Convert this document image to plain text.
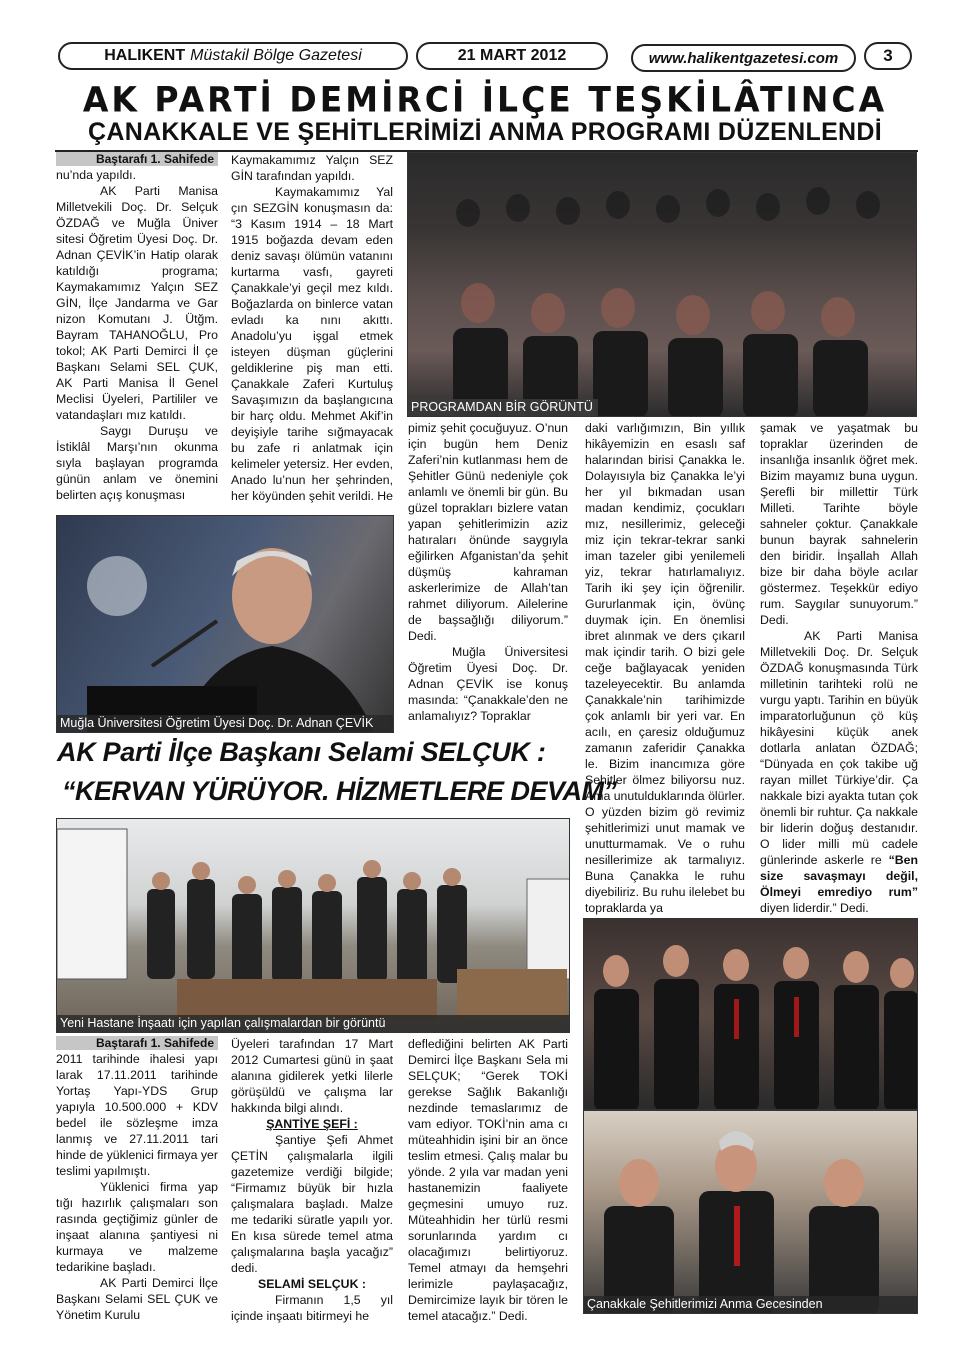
HALIKENT Müstakil Bölge Gazetesi	21 MART 2012	www.halikentgazetesi.com	3
AK PARTİ DEMİRCİ İLÇE TEŞKİLÂTINCA
ÇANAKKALE VE ŞEHİTLERİMİZİ ANMA PROGRAMI DÜZENLENDİ
Baştarafı 1. Sahifede

nu’nda yapıldı.

AK Parti Manisa Milletvekili Doç. Dr. Selçuk ÖZDAĞ ve Muğla Üniver sitesi Öğretim Üyesi Doç. Dr. Adnan ÇEVİK’in Hatip olarak katıldığı programa; Kaymakamımız Yalçın SEZ GİN, İlçe Jandarma ve Gar nizon Komutanı J. Ütğm. Bayram TAHANOĞLU, Pro tokol; AK Parti Demirci İl çe Başkanı Selami SEL ÇUK, AK Parti Manisa İl Genel Meclisi Üyeleri, Partililer ve vatandaşları mız katıldı.

Saygı Duruşu ve İstiklâl Marşı’nın okunma sıyla başlayan programda günün anlam ve önemini belirten açış konuşması

Kaymakamımız Yalçın SEZ GİN tarafından yapıldı.

Kaymakamımız Yal çın SEZGİN konuşmasın da: “3 Kasım 1914 – 18 Mart 1915 boğazda devam eden deniz savaşı ölümün vatanını kurtarma vasfı, gayreti Çanakkale’yi geçil mez kıldı. Boğazlarda on binlerce vatan evladı ka nını akıttı. Anadolu’yu işgal etmek isteyen düşman güçlerini geldiklerine piş man etti. Çanakkale Zaferi Kurtuluş Savaşımızın da başlangıcına bir harç oldu. Mehmet Akif’in deyişiyle tarihe sığmayacak bu zafe ri anlatmak için kelimeler yetersiz. Her evden, Anado lu’nun her şehrinden, her köyünden şehit verildi. He

PROGRAMDAN BİR GÖRÜNTÜ
Muğla Üniversitesi Öğretim Üyesi Doç. Dr. Adnan ÇEVİK

pimiz şehit çocuğuyuz. O’nun için bugün hem Deniz Zaferi’nin kutlanması hem de Şehitler Günü nedeniyle çok anlamlı ve önemli bir gün. Bu güzel toprakları bizlere vatan yapan şehitlerimizin aziz hatıraları önünde saygıyla eğilirken Afganistan’da şehit düşmüş kahraman askerlerimize de Allah’tan rahmet diliyorum. Ailelerine de başsağlığı diliyorum.” Dedi.

Muğla Üniversitesi Öğretim Üyesi Doç. Dr. Adnan ÇEVİK ise konuş masında: “Çanakkale’den ne anlamalıyız? Topraklar

daki varlığımızın, Bin yıllık hikâyemizin en esaslı saf halarından birisi Çanakka le. Dolayısıyla biz Çanakka le’yi her yıl bıkmadan usan madan kendimiz, çocukları mız, nesillerimiz, geleceği miz için tekrar-tekrar sanki iman tazeler gibi yenilemeli yiz, tekrar hatırlamalıyız. Tarih iki şey için öğrenilir. Gururlanmak için, övünç duymak için. En önemlisi ibret alınmak ve ders çıkarıl mak içindir tarih. O bizi gele ceğe bağlayacak yeniden tazeleyecektir. Bu anlamda Çanakkale’nin tarihimizde çok anlamlı bir yeri var. En acılı, en çaresiz olduğumuz zamanın zaferidir Çanakka le. Bizim inancımıza göre Şehitler ölmez biliyorsu nuz. Ama unutulduklarında ölürler. O yüzden bizim gö revimiz şehitlerimizi unut mamak ve unutturmamak. Ve o ruhu nesillerimize ak tarmalıyız. Buna Çanakka le ruhu diyebiliriz. Bu ruhu ilelebet bu topraklarda ya

şamak ve yaşatmak bu topraklar üzerinden de insanlığa insanlık öğret mek. Bizim mayamız buna uygun. Şerefli bir millettir Türk Milleti. Tarihte böyle sahneler çoktur. Çanakkale bunun bayrak sahnelerin den biridir. İnşallah Allah bize bir daha böyle acılar göstermez. Teşekkür ediyo rum. Saygılar sunuyorum.” Dedi.

AK Parti Manisa Milletvekili Doç. Dr. Selçuk ÖZDAĞ konuşmasında Türk milletinin tarihteki rolü ne vurgu yaptı. Tarihin en büyük imparatorluğunun çö küş hikâyesini küçük anek dotlarla anlatan ÖZDAĞ; “Dünyada en çok takibe uğ rayan millet Türkiye’dir. Ça nakkale bizi ayakta tutan çok önemli bir ruhtur. Ça nakkale bir liderin doğuş destanıdır. O lider milli mü cadele günlerinde askerle re “Ben size savaşmayı değil, Ölmeyi emrediyo rum” diyen liderdir.” Dedi.

AK Parti İlçe Başkanı Selami SELÇUK :
“KERVAN YÜRÜYOR. HİZMETLERE DEVAM”
Yeni Hastane İnşaatı için yapılan çalışmalardan bir görüntü
Baştarafı 1. Sahifede

2011 tarihinde ihalesi yapı larak 17.11.2011 tarihinde Yortaş Yapı-YDS Grup yapıyla 10.500.000 + KDV bedel ile sözleşme imza lanmış ve 27.11.2011 tari hinde de yüklenici firmaya yer teslimi yapılmıştı.

Yüklenici firma yap tığı hazırlık çalışmaları son rasında geçtiğimiz günler de inşaat alanına şantiyesi ni kurmaya ve malzeme tedarikine başladı.

AK Parti Demirci İlçe Başkanı Selami SEL ÇUK ve Yönetim Kurulu

Üyeleri tarafından 17 Mart 2012 Cumartesi günü in şaat alanına gidilerek yetki lilerle görüşüldü ve çalışma lar hakkında bilgi alındı.

ŞANTİYE ŞEFİ :

Şantiye Şefi Ahmet ÇETİN çalışmalarla ilgili gazetemize verdiği bilgide; “Firmamız büyük bir hızla çalışmalara başladı. Malze me tedariki süratle yapılı yor. En kısa sürede temel atma çalışmalarına başla yacağız” dedi.

SELAMİ SELÇUK :

Firmanın 1,5 yıl içinde inşaatı bitirmeyi he

deflediğini belirten AK Parti Demirci İlçe Başkanı Sela mi SELÇUK; “Gerek TOKİ gerekse Sağlık Bakanlığı nezdinde temaslarımız de vam ediyor. TOKİ’nin ama cı müteahhidin işini bir an önce teslim etmesi. Çalış malar bu yönde. 2 yıla var madan yeni hastanemizin faaliyete geçmesini umuyo ruz. Müteahhidin her türlü resmi sorunlarında yardım cı olacağımızı belirtiyoruz. Temel atmayı da hemşehri lerimizle paylaşacağız, Demircimize layık bir tören le temel atacağız.” Dedi.

Çanakkale Şehitlerimizi Anma Gecesinden
